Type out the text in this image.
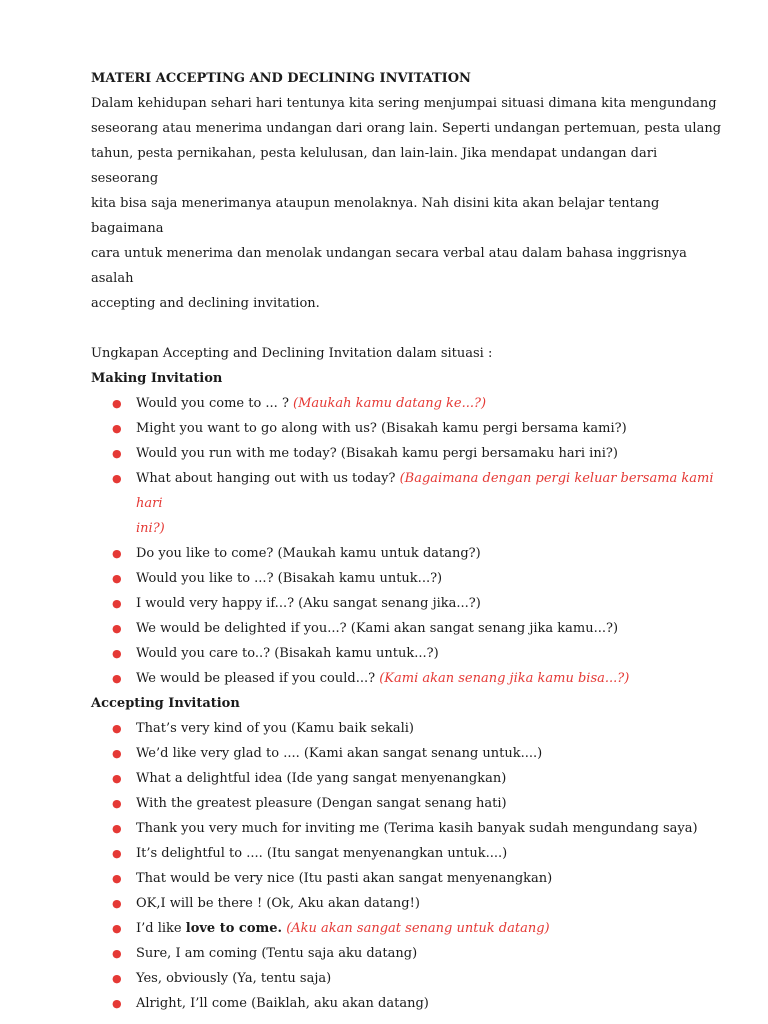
MATERI ACCEPTING AND DECLINING INVITATION

Dalam kehidupan sehari hari tentunya kita sering menjumpai situasi dimana kita mengundang
seseorang atau menerima undangan dari orang lain. Seperti undangan pertemuan, pesta ulang
tahun, pesta pernikahan, pesta kelulusan, dan lain-lain. Jika mendapat undangan dari seseorang
kita bisa saja menerimanya ataupun menolaknya. Nah disini kita akan belajar tentang bagaimana
cara untuk menerima dan menolak undangan secara verbal atau dalam bahasa inggrisnya asalah
accepting and declining invitation.
Ungkapan Accepting and Declining Invitation dalam situasi :
Making Invitation
● Would you come to ... ? (Maukah kamu datang ke...?)
● Might you want to go along with us? (Bisakah kamu pergi bersama kami?)
● Would you run with me today? (Bisakah kamu pergi bersamaku hari ini?)
● What about hanging out with us today? (Bagaimana dengan pergi keluar bersama kami hari
ini?)
● Do you like to come? (Maukah kamu untuk datang?)
● Would you like to ...? (Bisakah kamu untuk...?)
● I would very happy if...? (Aku sangat senang jika...?)
● We would be delighted if you...? (Kami akan sangat senang jika kamu...?)
● Would you care to..? (Bisakah kamu untuk...?)
● We would be pleased if you could...? (Kami akan senang jika kamu bisa...?)
Accepting Invitation
● That’s very kind of you (Kamu baik sekali)
● We’d like very glad to .... (Kami akan sangat senang untuk....)
● What a delightful idea (Ide yang sangat menyenangkan)
● With the greatest pleasure (Dengan sangat senang hati)
● Thank you very much for inviting me (Terima kasih banyak sudah mengundang saya)
● It’s delightful to .... (Itu sangat menyenangkan untuk....)
● That would be very nice (Itu pasti akan sangat menyenangkan)
● OK,I will be there ! (Ok, Aku akan datang!)
● I’d like love to come. (Aku akan sangat senang untuk datang)
● Sure, I am coming (Tentu saja aku datang)
● Yes, obviously (Ya, tentu saja)
● Alright, I’ll come (Baiklah, aku akan datang)
